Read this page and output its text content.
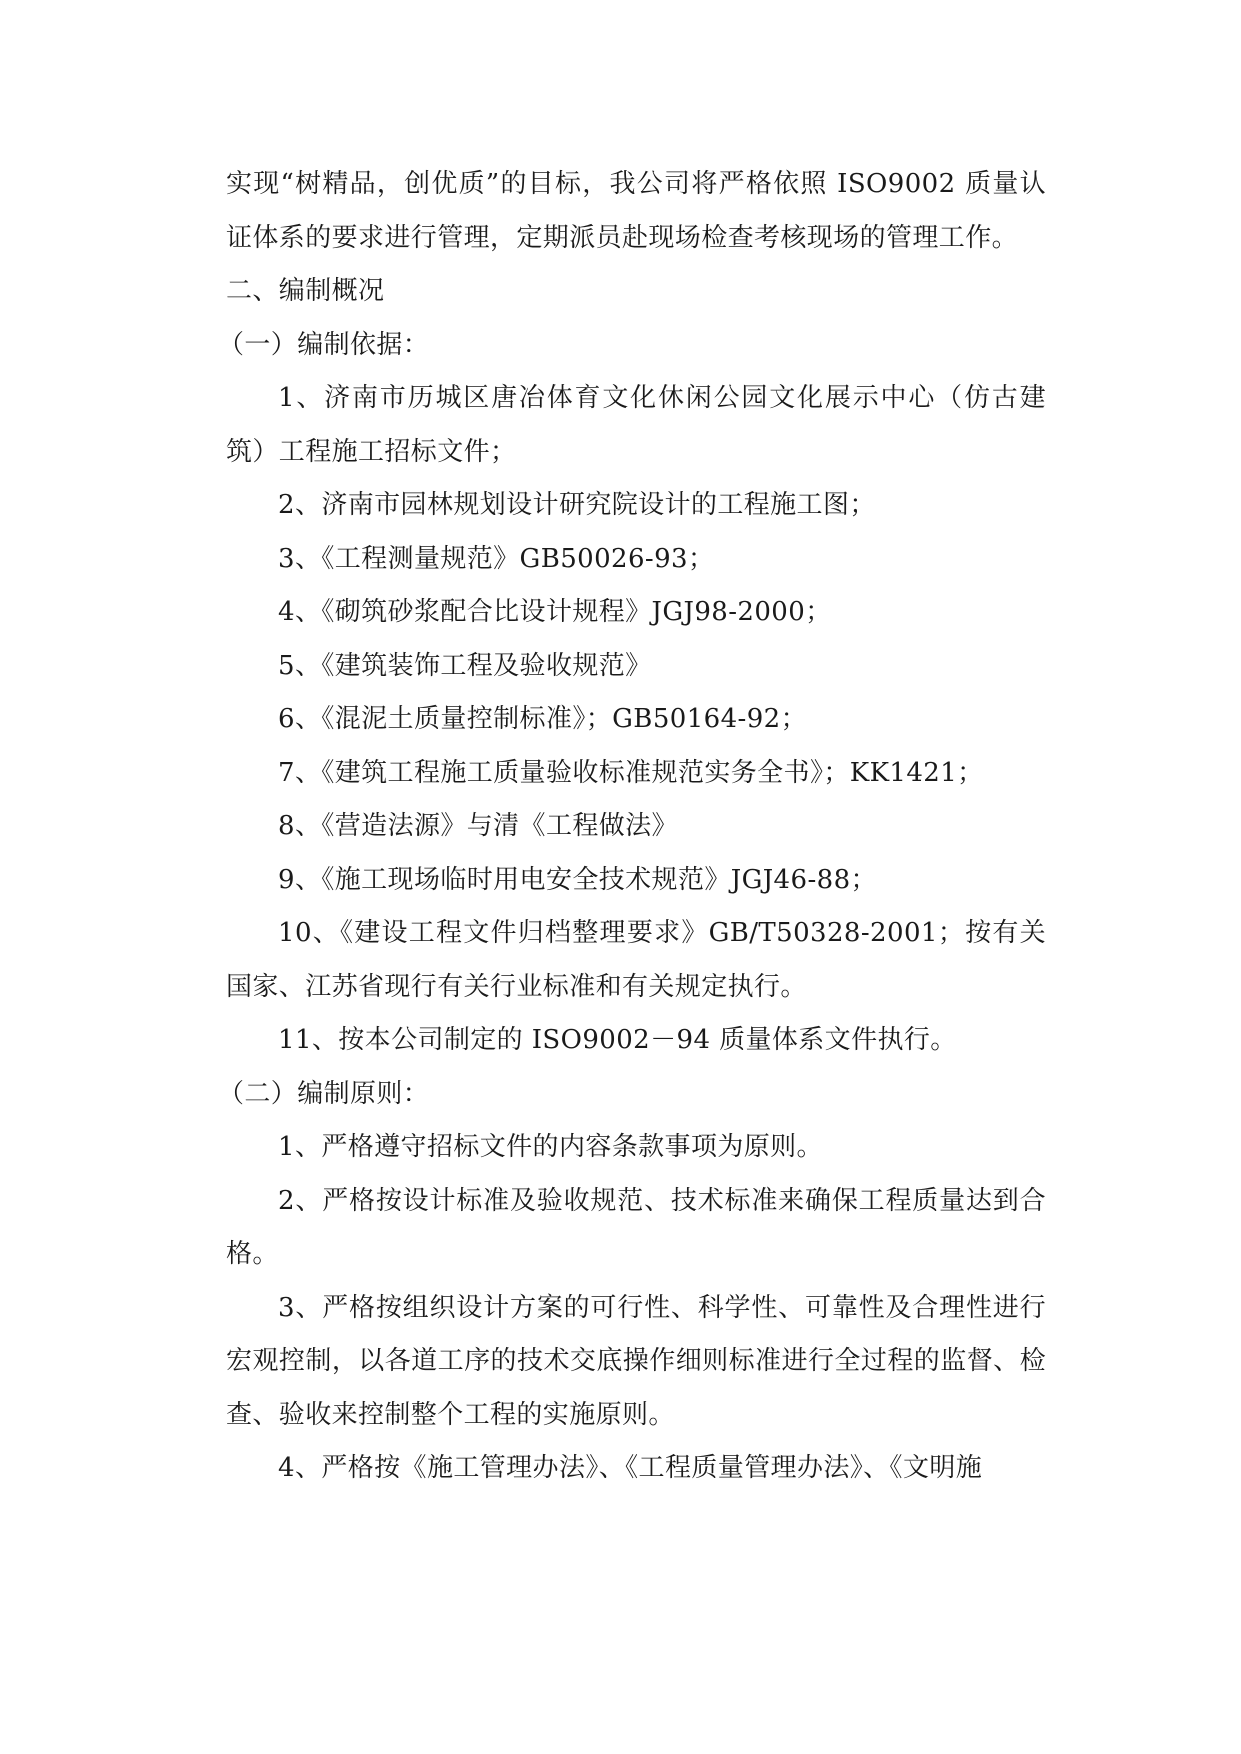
实现“树精品，创优质”的目标，我公司将严格依照 ISO9002 质量认证体系的要求进行管理，定期派员赴现场检查考核现场的管理工作。

二、编制概况

（一）编制依据：

1、济南市历城区唐冶体育文化休闲公园文化展示中心（仿古建筑）工程施工招标文件；

2、济南市园林规划设计研究院设计的工程施工图；

3、《工程测量规范》GB50026-93；

4、《砌筑砂浆配合比设计规程》JGJ98-2000；

5、《建筑装饰工程及验收规范》

6、《混泥土质量控制标准》；GB50164-92；

7、《建筑工程施工质量验收标准规范实务全书》；KK1421；

8、《营造法源》与清《工程做法》

9、《施工现场临时用电安全技术规范》JGJ46-88；

10、《建设工程文件归档整理要求》GB/T50328-2001；按有关国家、江苏省现行有关行业标准和有关规定执行。

11、按本公司制定的 ISO9002－94 质量体系文件执行。

（二）编制原则：

1、严格遵守招标文件的内容条款事项为原则。

2、严格按设计标准及验收规范、技术标准来确保工程质量达到合格。

3、严格按组织设计方案的可行性、科学性、可靠性及合理性进行宏观控制，以各道工序的技术交底操作细则标准进行全过程的监督、检查、验收来控制整个工程的实施原则。

4、严格按《施工管理办法》、《工程质量管理办法》、《文明施
